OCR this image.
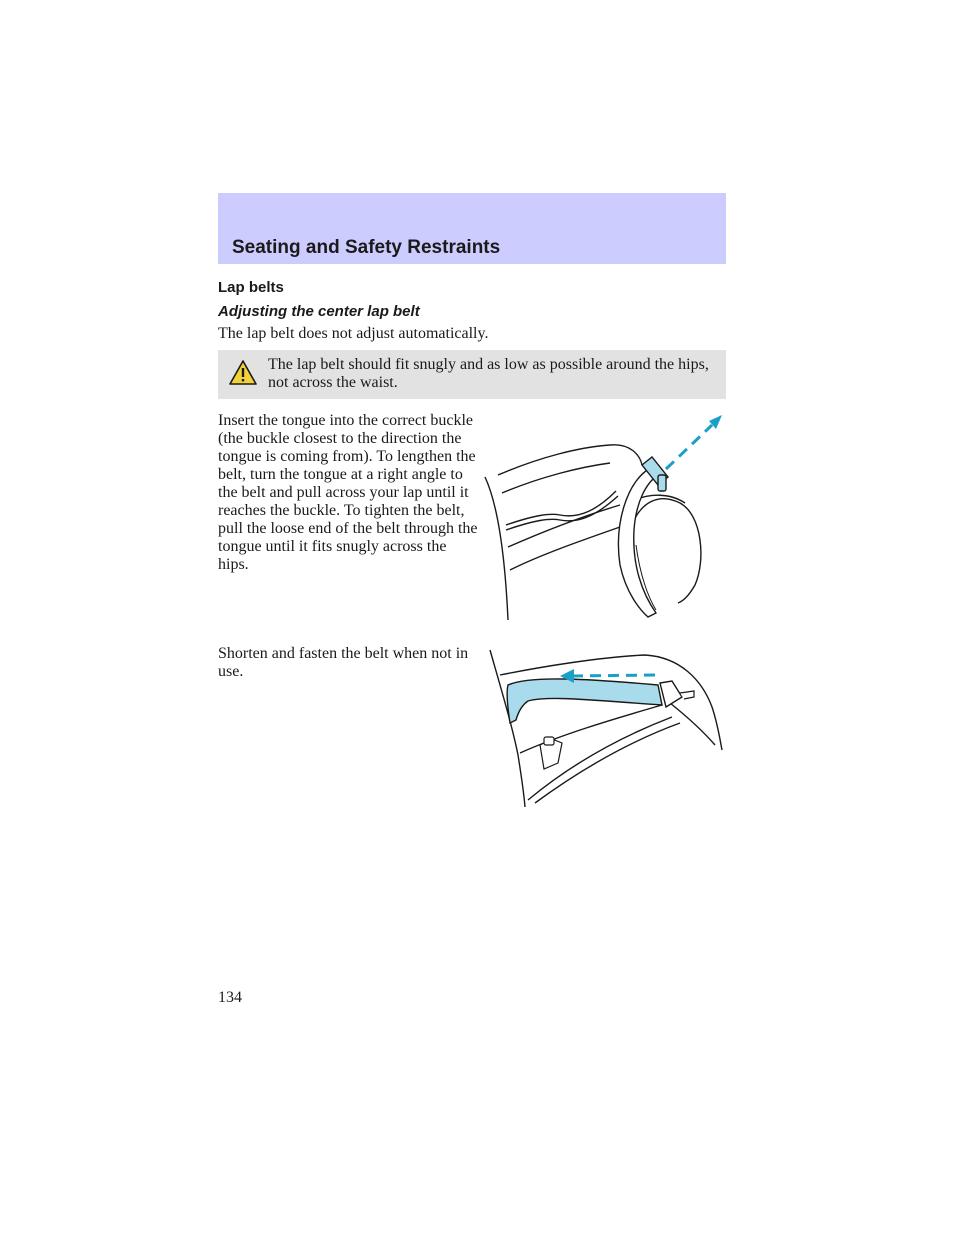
Seating and Safety Restraints
Lap belts
Adjusting the center lap belt
The lap belt does not adjust automatically.
The lap belt should fit snugly and as low as possible around the hips, not across the waist.
Insert the tongue into the correct buckle (the buckle closest to the direction the tongue is coming from). To lengthen the belt, turn the tongue at a right angle to the belt and pull across your lap until it reaches the buckle. To tighten the belt, pull the loose end of the belt through the tongue until it fits snugly across the hips.
Shorten and fasten the belt when not in use.
134
